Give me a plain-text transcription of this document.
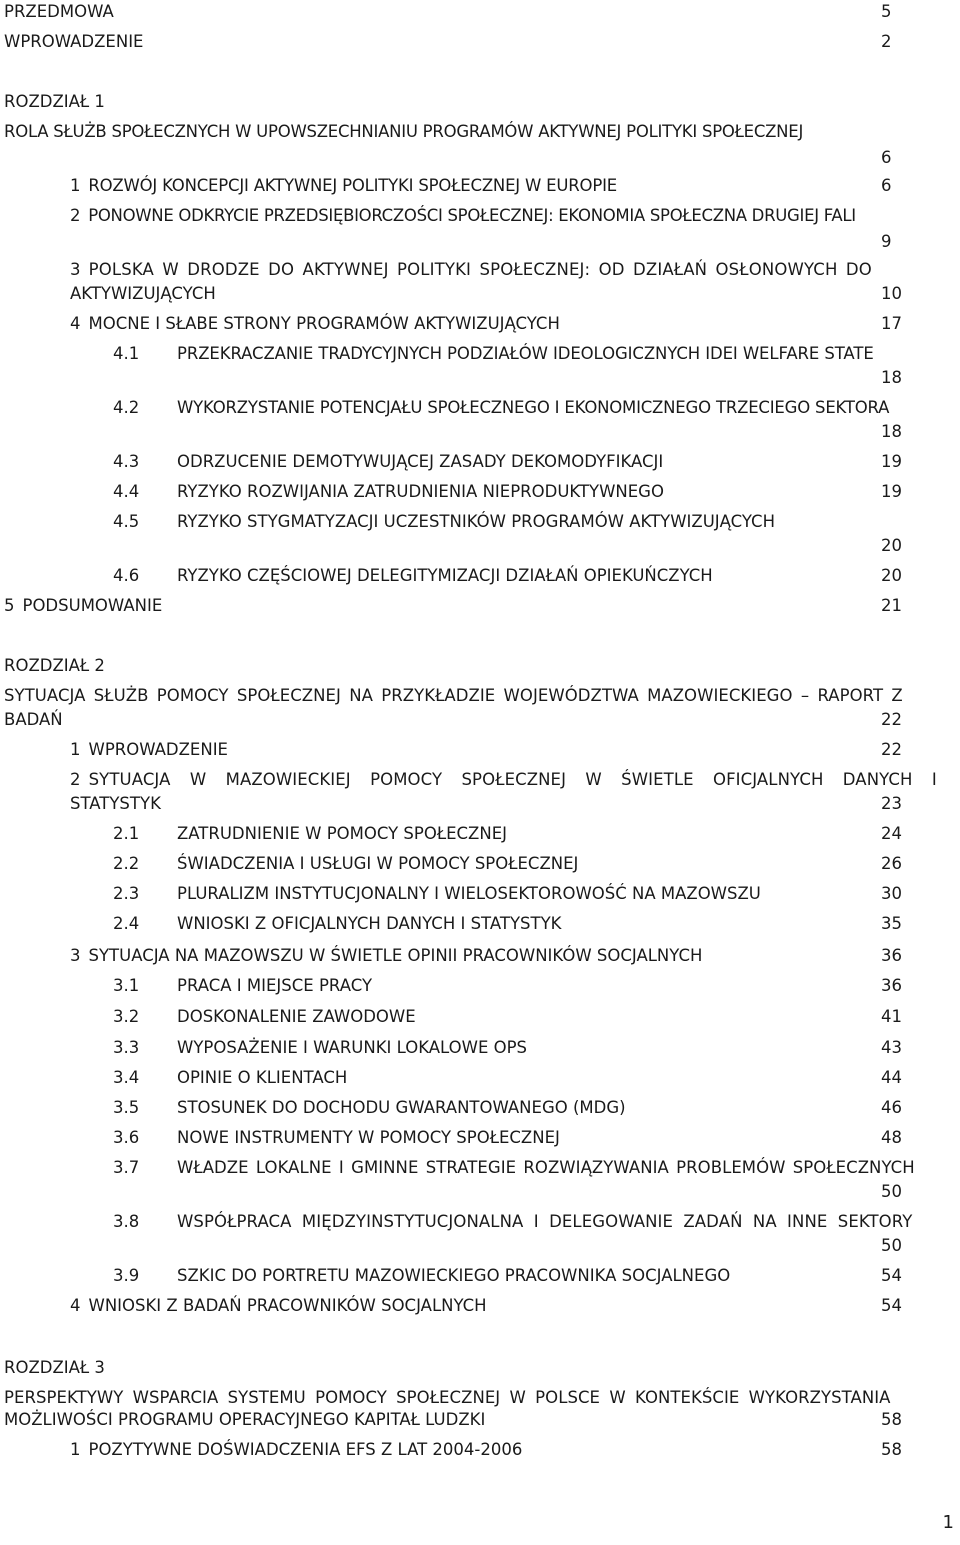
PRZEDMOWA	5
WPROWADZENIE	2
ROZDZIAŁ 1
ROLA SŁUŻB SPOŁECZNYCH W UPOWSZECHNIANIU PROGRAMÓW AKTYWNEJ POLITYKI SPOŁECZNEJ
6
1 ROZWÓJ KONCEPCJI AKTYWNEJ POLITYKI SPOŁECZNEJ W EUROPIE	6
2 PONOWNE ODKRYCIE PRZEDSIĘBIORCZOŚCI SPOŁECZNEJ: EKONOMIA SPOŁECZNA DRUGIEJ FALI
9
3 POLSKA W DRODZE DO AKTYWNEJ POLITYKI SPOŁECZNEJ: OD DZIAŁAŃ OSŁONOWYCH DO
AKTYWIZUJĄCYCH	10
4 MOCNE I SŁABE STRONY PROGRAMÓW AKTYWIZUJĄCYCH	17
4.1 PRZEKRACZANIE TRADYCYJNYCH PODZIAŁÓW IDEOLOGICZNYCH IDEI WELFARE STATE
18
4.2 WYKORZYSTANIE POTENCJAŁU SPOŁECZNEGO I EKONOMICZNEGO TRZECIEGO SEKTORA
18
4.3 ODRZUCENIE DEMOTYWUJĄCEJ ZASADY DEKOMODYFIKACJI	19
4.4 RYZYKO ROZWIJANIA ZATRUDNIENIA NIEPRODUKTYWNEGO	19
4.5 RYZYKO STYGMATYZACJI UCZESTNIKÓW PROGRAMÓW AKTYWIZUJĄCYCH
20
4.6 RYZYKO CZĘŚCIOWEJ DELEGITYMIZACJI DZIAŁAŃ OPIEKUŃCZYCH	20
5 PODSUMOWANIE	21
ROZDZIAŁ 2
SYTUACJA SŁUŻB POMOCY SPOŁECZNEJ NA PRZYKŁADZIE WOJEWÓDZTWA MAZOWIECKIEGO – RAPORT Z
BADAŃ	22
1 WPROWADZENIE	22
2 SYTUACJA W MAZOWIECKIEJ POMOCY SPOŁECZNEJ W ŚWIETLE OFICJALNYCH DANYCH I
STATYSTYK	23
2.1 ZATRUDNIENIE W POMOCY SPOŁECZNEJ	24
2.2 ŚWIADCZENIA I USŁUGI W POMOCY SPOŁECZNEJ	26
2.3 PLURALIZM INSTYTUCJONALNY I WIELOSEKTOROWOŚĆ NA MAZOWSZU	30
2.4 WNIOSKI Z OFICJALNYCH DANYCH I STATYSTYK	35
3 SYTUACJA NA MAZOWSZU W ŚWIETLE OPINII PRACOWNIKÓW SOCJALNYCH	36
3.1 PRACA I MIEJSCE PRACY	36
3.2 DOSKONALENIE ZAWODOWE	41
3.3 WYPOSAŻENIE I WARUNKI LOKALOWE OPS	43
3.4 OPINIE O KLIENTACH	44
3.5 STOSUNEK DO DOCHODU GWARANTOWANEGO (MDG)	46
3.6 NOWE INSTRUMENTY W POMOCY SPOŁECZNEJ	48
3.7 WŁADZE LOKALNE I GMINNE STRATEGIE ROZWIĄZYWANIA PROBLEMÓW SPOŁECZNYCH
50
3.8 WSPÓŁPRACA MIĘDZYINSTYTUCJONALNA I DELEGOWANIE ZADAŃ NA INNE SEKTORY
50
3.9 SZKIC DO PORTRETU MAZOWIECKIEGO PRACOWNIKA SOCJALNEGO	54
4 WNIOSKI Z BADAŃ PRACOWNIKÓW SOCJALNYCH	54
ROZDZIAŁ 3
PERSPEKTYWY WSPARCIA SYSTEMU POMOCY SPOŁECZNEJ W POLSCE W KONTEKŚCIE WYKORZYSTANIA
MOŻLIWOŚCI PROGRAMU OPERACYJNEGO KAPITAŁ LUDZKI	58
1 POZYTYWNE DOŚWIADCZENIA EFS Z LAT 2004-2006	58
1
